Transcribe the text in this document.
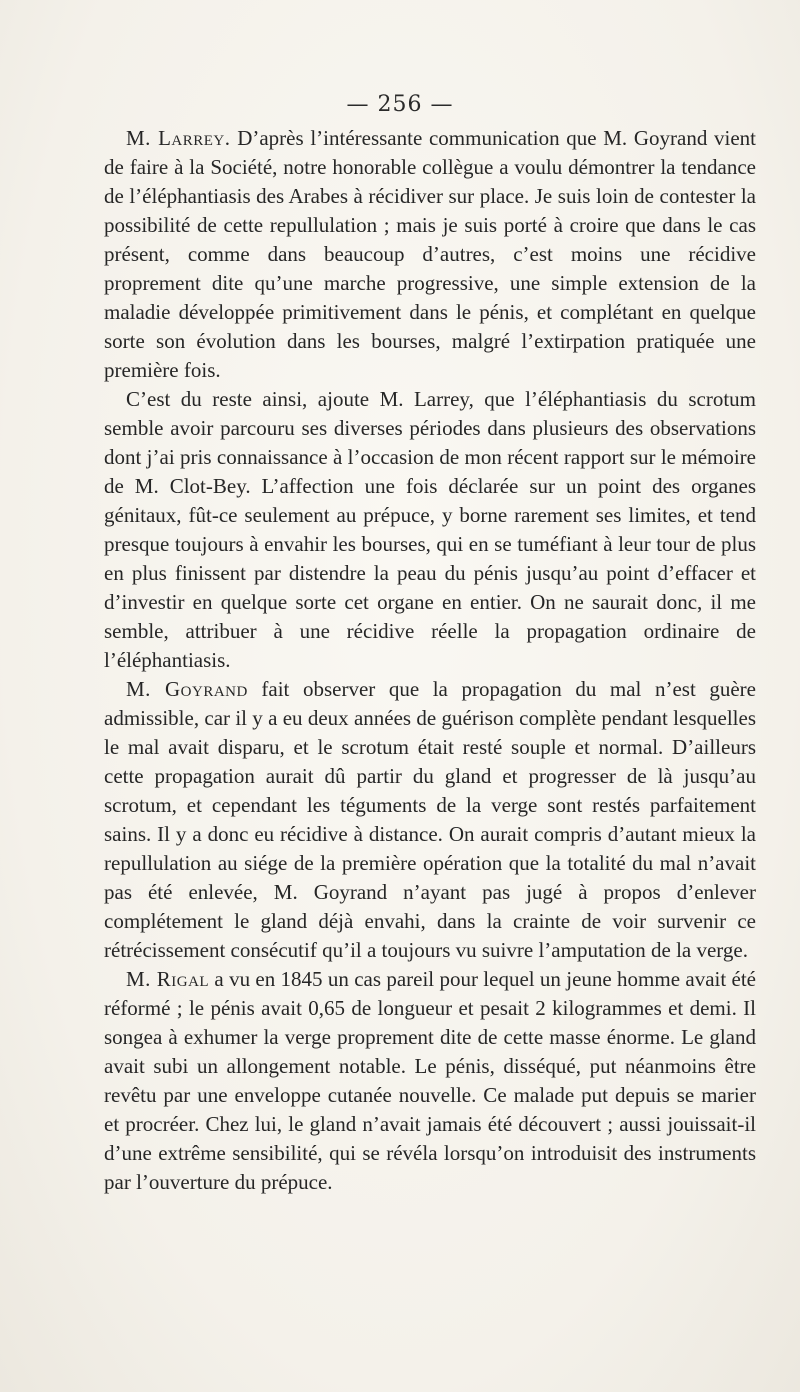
— 256 —

M. Larrey. D’après l’intéressante communication que M. Goyrand vient de faire à la Société, notre honorable collègue a voulu démontrer la tendance de l’éléphantiasis des Arabes à récidiver sur place. Je suis loin de contester la possibilité de cette repullulation ; mais je suis porté à croire que dans le cas présent, comme dans beaucoup d’autres, c’est moins une récidive proprement dite qu’une marche progressive, une simple extension de la maladie développée primitivement dans le pénis, et complétant en quelque sorte son évolution dans les bourses, malgré l’extirpation pratiquée une première fois.

C’est du reste ainsi, ajoute M. Larrey, que l’éléphantiasis du scrotum semble avoir parcouru ses diverses périodes dans plusieurs des observations dont j’ai pris connaissance à l’occasion de mon récent rapport sur le mémoire de M. Clot-Bey. L’affection une fois déclarée sur un point des organes génitaux, fût-ce seulement au prépuce, y borne rarement ses limites, et tend presque toujours à envahir les bourses, qui en se tuméfiant à leur tour de plus en plus finissent par distendre la peau du pénis jusqu’au point d’effacer et d’investir en quelque sorte cet organe en entier. On ne saurait donc, il me semble, attribuer à une récidive réelle la propagation ordinaire de l’éléphantiasis.

M. Goyrand fait observer que la propagation du mal n’est guère admissible, car il y a eu deux années de guérison complète pendant lesquelles le mal avait disparu, et le scrotum était resté souple et normal. D’ailleurs cette propagation aurait dû partir du gland et progresser de là jusqu’au scrotum, et cependant les téguments de la verge sont restés parfaitement sains. Il y a donc eu récidive à distance. On aurait compris d’autant mieux la repullulation au siége de la première opération que la totalité du mal n’avait pas été enlevée, M. Goyrand n’ayant pas jugé à propos d’enlever complétement le gland déjà envahi, dans la crainte de voir survenir ce rétrécissement consécutif qu’il a toujours vu suivre l’amputation de la verge.

M. Rigal a vu en 1845 un cas pareil pour lequel un jeune homme avait été réformé ; le pénis avait 0,65 de longueur et pesait 2 kilogrammes et demi. Il songea à exhumer la verge proprement dite de cette masse énorme. Le gland avait subi un allongement notable. Le pénis, disséqué, put néanmoins être revêtu par une enveloppe cutanée nouvelle. Ce malade put depuis se marier et procréer. Chez lui, le gland n’avait jamais été découvert ; aussi jouissait-il d’une extrême sensibilité, qui se révéla lorsqu’on introduisit des instruments par l’ouverture du prépuce.
